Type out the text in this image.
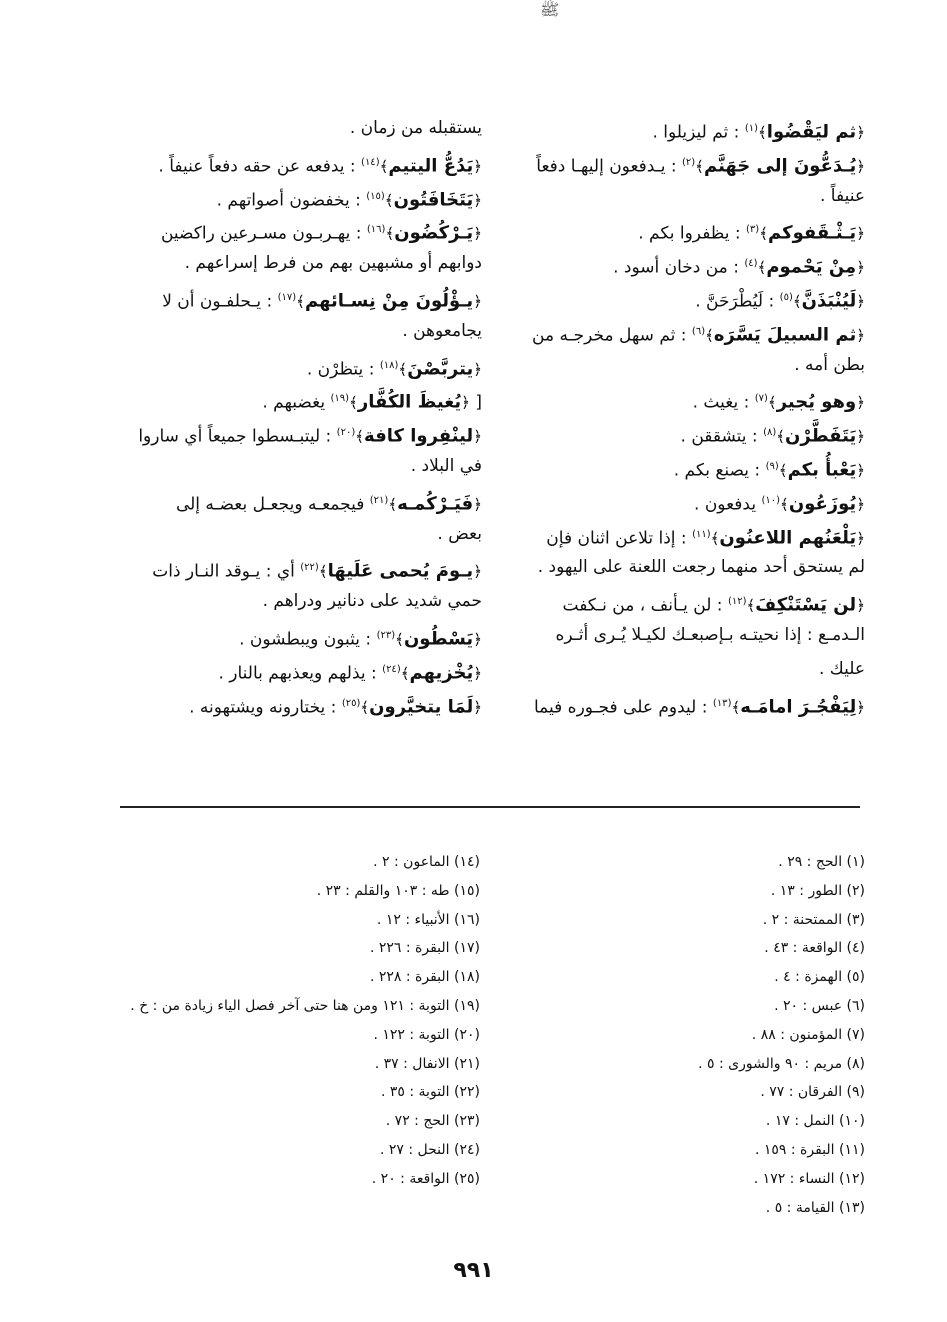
ﷺ
﴿ثم ليَقْضُوا﴾$^{(١)}$ : ثم ليزيلوا .
﴿يُـدَعُّونَ إلى جَهَنَّم﴾$^{(٢)}$ : يـدفعون إليهـا دفعاً
عنيفاً .
﴿يَـثْـقَفوكم﴾$^{(٣)}$ : يظفروا بكم .
﴿مِنْ يَحْموم﴾$^{(٤)}$ : من دخان أسود .
﴿لَيُنْبَذَنَّ﴾$^{(٥)}$ : لَيُطْرَحَنَّ .
﴿ثم السبيلَ يَسَّرَه﴾$^{(٦)}$ : ثم سهل مخرجـه من
بطن أمه .
﴿وهو يُجير﴾$^{(٧)}$ : يغيث .
﴿يَتَفَطَّرْن﴾$^{(٨)}$ : يتشققن .
﴿يَعْبأُ بكم﴾$^{(٩)}$ : يصنع بكم .
﴿يُوزَعُون﴾$^{(١٠)}$ يدفعون .
﴿يَلْعَنُهم اللاعنُون﴾$^{(١١)}$ : إذا تلاعن اثنان فإن
لم يستحق أحد منهما رجعت اللعنة على اليهود .
﴿لن يَسْتَنْكِفَ﴾$^{(١٢)}$ : لن يـأنف ، من نـكفت
الـدمـع : إذا نحيتـه بـإصبعـك لكيـلا يُـرى أثـره
عليك .
﴿لِيَفْجُـرَ امامَـه﴾$^{(١٣)}$ : ليدوم على فجـوره فيما
يستقبله من زمان .
﴿يَدُعُّ اليتيم﴾$^{(١٤)}$ : يدفعه عن حقه دفعاً عنيفاً .
﴿يَتَخَافَتُون﴾$^{(١٥)}$ : يخفضون أصواتهم .
﴿يَـرْكُضُون﴾$^{(١٦)}$ : يهـربـون مسـرعين راكضين
دوابهم أو مشبهين بهم من فرط إسراعهم .
﴿يـؤْلُونَ مِنْ نِسـائهم﴾$^{(١٧)}$ : يـحلفـون أن لا
يجامعوهن .
﴿يتربَّصْنَ﴾$^{(١٨)}$ : يتظرْن .
[ ﴿يُغيظَ الكُفَّار﴾$^{(١٩)}$ يغضبهم .
﴿لينْفِروا كافة﴾$^{(٢٠)}$ : ليتبـسطوا جميعاً أي ساروا
في البلاد .
﴿فَيَـرْكُمـه﴾$^{(٢١)}$ فيجمعـه ويجعـل بعضـه إلى
بعض .
﴿يـومَ يُحمى عَلَيهَا﴾$^{(٢٢)}$ أي : يـوقد النـار ذات
حمي شديد على دنانير ودراهم .
﴿يَسْطُون﴾$^{(٢٣)}$ : يثبون ويبطشون .
﴿يُخْزيهم﴾$^{(٢٤)}$ : يذلهم ويعذبهم بالنار .
﴿لَمَا يتخيَّرون﴾$^{(٢٥)}$ : يختارونه ويشتهونه .
(١) الحج : ٢٩ .
(٢) الطور : ١٣ .
(٣) الممتحنة : ٢ .
(٤) الواقعة : ٤٣ .
(٥) الهمزة : ٤ .
(٦) عبس : ٢٠ .
(٧) المؤمنون : ٨٨ .
(٨) مريم : ٩٠ والشورى : ٥ .
(٩) الفرقان : ٧٧ .
(١٠) النمل : ١٧ .
(١١) البقرة : ١٥٩ .
(١٢) النساء : ١٧٢ .
(١٣) القيامة : ٥ .
(١٤) الماعون : ٢ .
(١٥) طه : ١٠٣ والقلم : ٢٣ .
(١٦) الأنبياء : ١٢ .
(١٧) البقرة : ٢٢٦ .
(١٨) البقرة : ٢٢٨ .
(١٩) التوبة : ١٢١ ومن هنا حتى آخر فصل الياء زيادة من : خ .
(٢٠) التوبة : ١٢٢ .
(٢١) الانفال : ٣٧ .
(٢٢) التوبة : ٣٥ .
(٢٣) الحج : ٧٢ .
(٢٤) النحل : ٢٧ .
(٢٥) الواقعة : ٢٠ .
٩٩١
